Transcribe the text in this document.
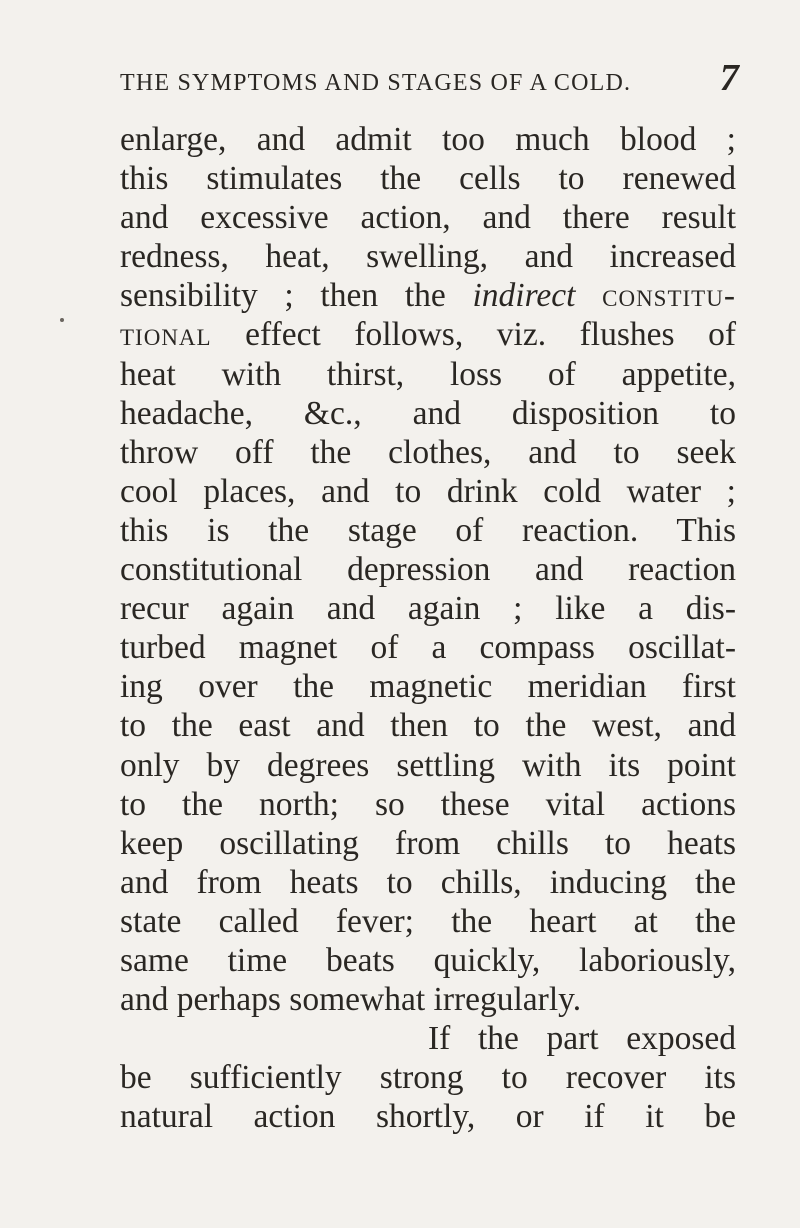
THE SYMPTOMS AND STAGES OF A COLD. 7
enlarge, and admit too much blood ;
this stimulates the cells to renewed
and excessive action, and there result
redness, heat, swelling, and increased
sensibility ; then the indirect constitu-
tional effect follows, viz. flushes of
heat with thirst, loss of appetite,
headache, &c., and disposition to
throw off the clothes, and to seek
cool places, and to drink cold water ;
this is the stage of reaction. This
constitutional depression and reaction
recur again and again ; like a dis-
turbed magnet of a compass oscillat-
ing over the magnetic meridian first
to the east and then to the west, and
only by degrees settling with its point
to the north; so these vital actions
keep oscillating from chills to heats
and from heats to chills, inducing the
state called fever; the heart at the
same time beats quickly, laboriously,
and perhaps somewhat irregularly.
If the part exposed
be sufficiently strong to recover its
natural action shortly, or if it be
